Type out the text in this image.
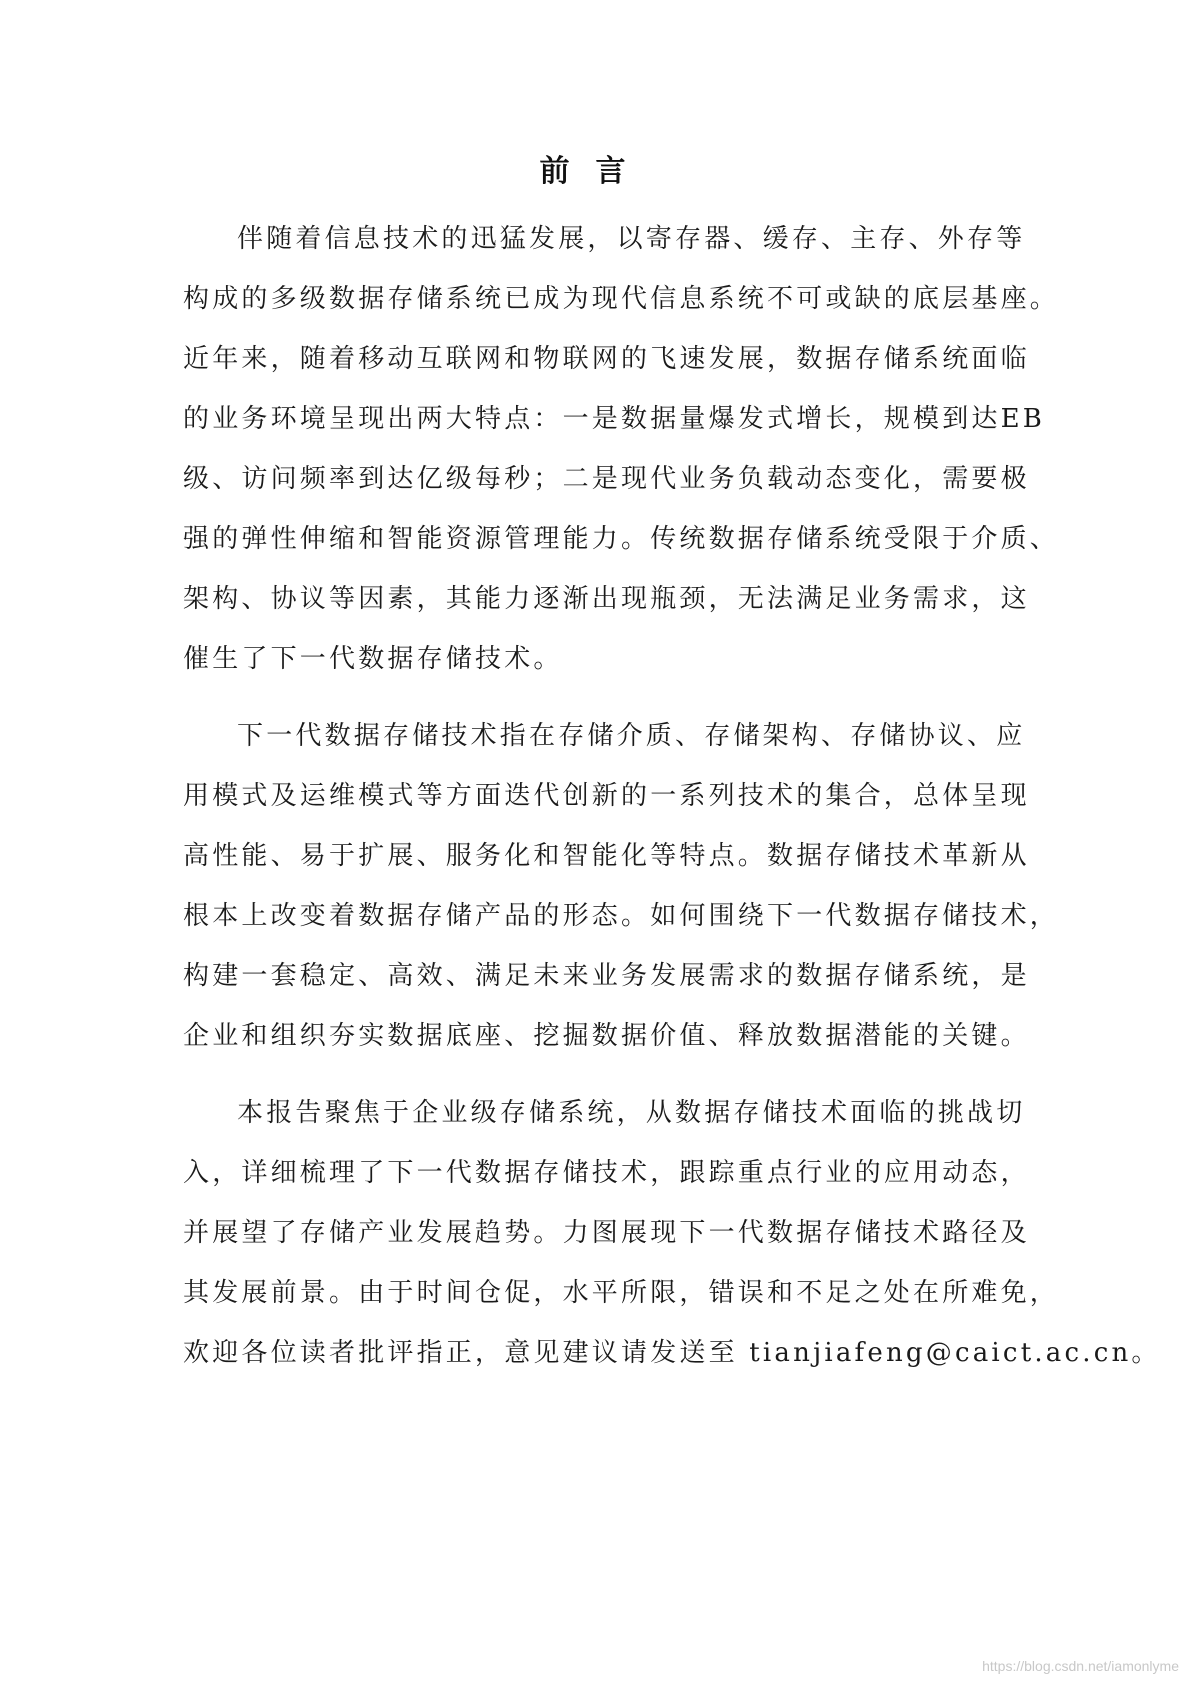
前言
伴随着信息技术的迅猛发展，以寄存器、缓存、主存、外存等
构成的多级数据存储系统已成为现代信息系统不可或缺的底层基座。
近年来，随着移动互联网和物联网的飞速发展，数据存储系统面临
的业务环境呈现出两大特点：一是数据量爆发式增长，规模到达EB
级、访问频率到达亿级每秒；二是现代业务负载动态变化，需要极
强的弹性伸缩和智能资源管理能力。传统数据存储系统受限于介质、
架构、协议等因素，其能力逐渐出现瓶颈，无法满足业务需求，这
催生了下一代数据存储技术。
下一代数据存储技术指在存储介质、存储架构、存储协议、应
用模式及运维模式等方面迭代创新的一系列技术的集合，总体呈现
高性能、易于扩展、服务化和智能化等特点。数据存储技术革新从
根本上改变着数据存储产品的形态。如何围绕下一代数据存储技术，
构建一套稳定、高效、满足未来业务发展需求的数据存储系统，是
企业和组织夯实数据底座、挖掘数据价值、释放数据潜能的关键。
本报告聚焦于企业级存储系统，从数据存储技术面临的挑战切
入，详细梳理了下一代数据存储技术，跟踪重点行业的应用动态，
并展望了存储产业发展趋势。力图展现下一代数据存储技术路径及
其发展前景。由于时间仓促，水平所限，错误和不足之处在所难免，
欢迎各位读者批评指正，意见建议请发送至 tianjiafeng@caict.ac.cn。
https://blog.csdn.net/iamonlyme
